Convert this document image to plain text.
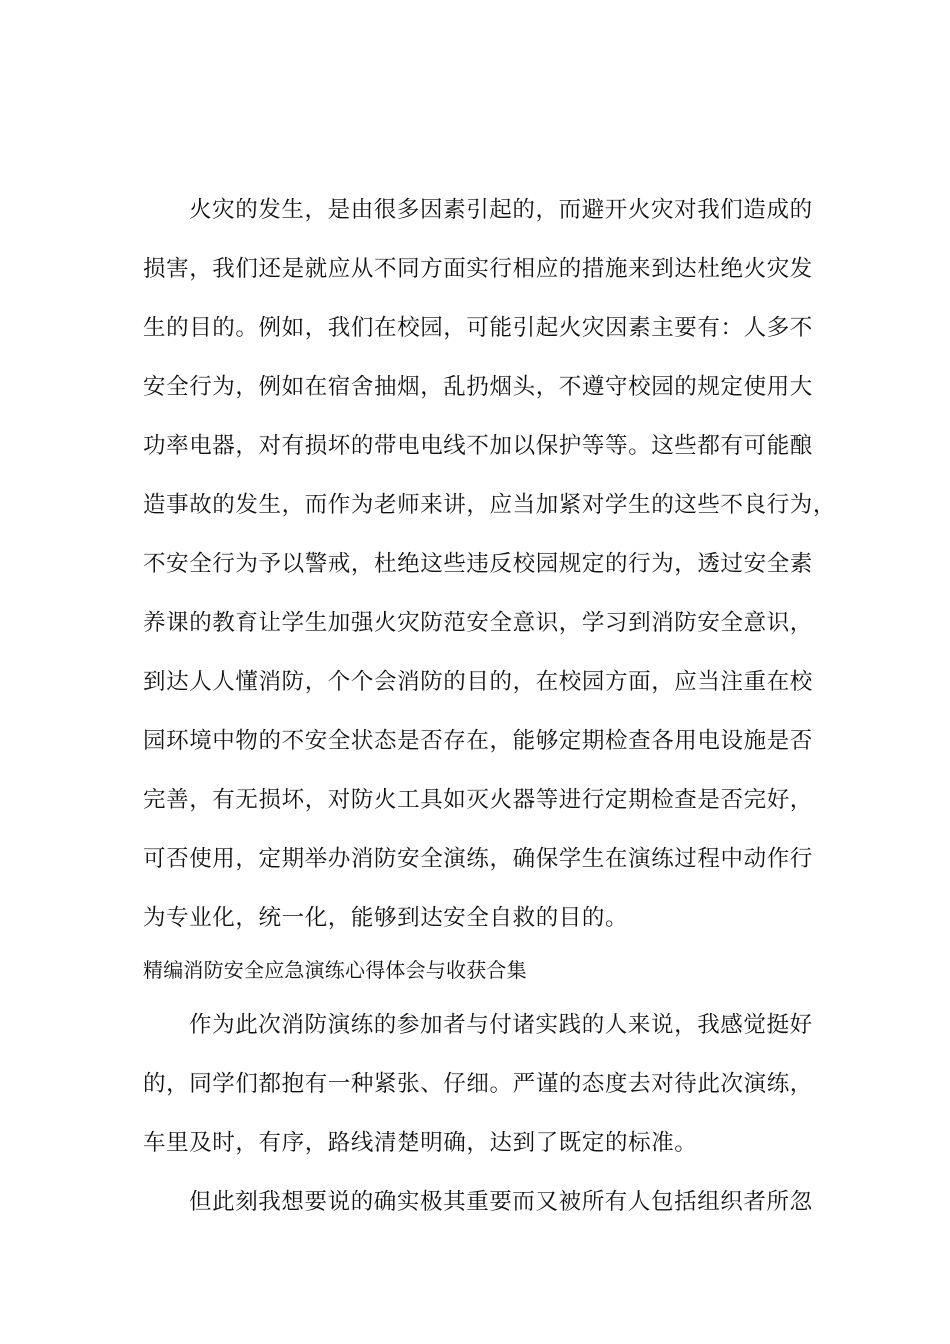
火灾的发生，是由很多因素引起的，而避开火灾对我们造成的
损害，我们还是就应从不同方面实行相应的措施来到达杜绝火灾发
生的目的。例如，我们在校园，可能引起火灾因素主要有：人多不
安全行为，例如在宿舍抽烟，乱扔烟头，不遵守校园的规定使用大
功率电器，对有损坏的带电电线不加以保护等等。这些都有可能酿
造事故的发生，而作为老师来讲，应当加紧对学生的这些不良行为，
不安全行为予以警戒，杜绝这些违反校园规定的行为，透过安全素
养课的教育让学生加强火灾防范安全意识，学习到消防安全意识，
到达人人懂消防，个个会消防的目的，在校园方面，应当注重在校
园环境中物的不安全状态是否存在，能够定期检查各用电设施是否
完善，有无损坏，对防火工具如灭火器等进行定期检查是否完好，
可否使用，定期举办消防安全演练，确保学生在演练过程中动作行
为专业化，统一化，能够到达安全自救的目的。
精编消防安全应急演练心得体会与收获合集
作为此次消防演练的参加者与付诸实践的人来说，我感觉挺好
的，同学们都抱有一种紧张、仔细。严谨的态度去对待此次演练，
车里及时，有序，路线清楚明确，达到了既定的标准。
但此刻我想要说的确实极其重要而又被所有人包括组织者所忽
